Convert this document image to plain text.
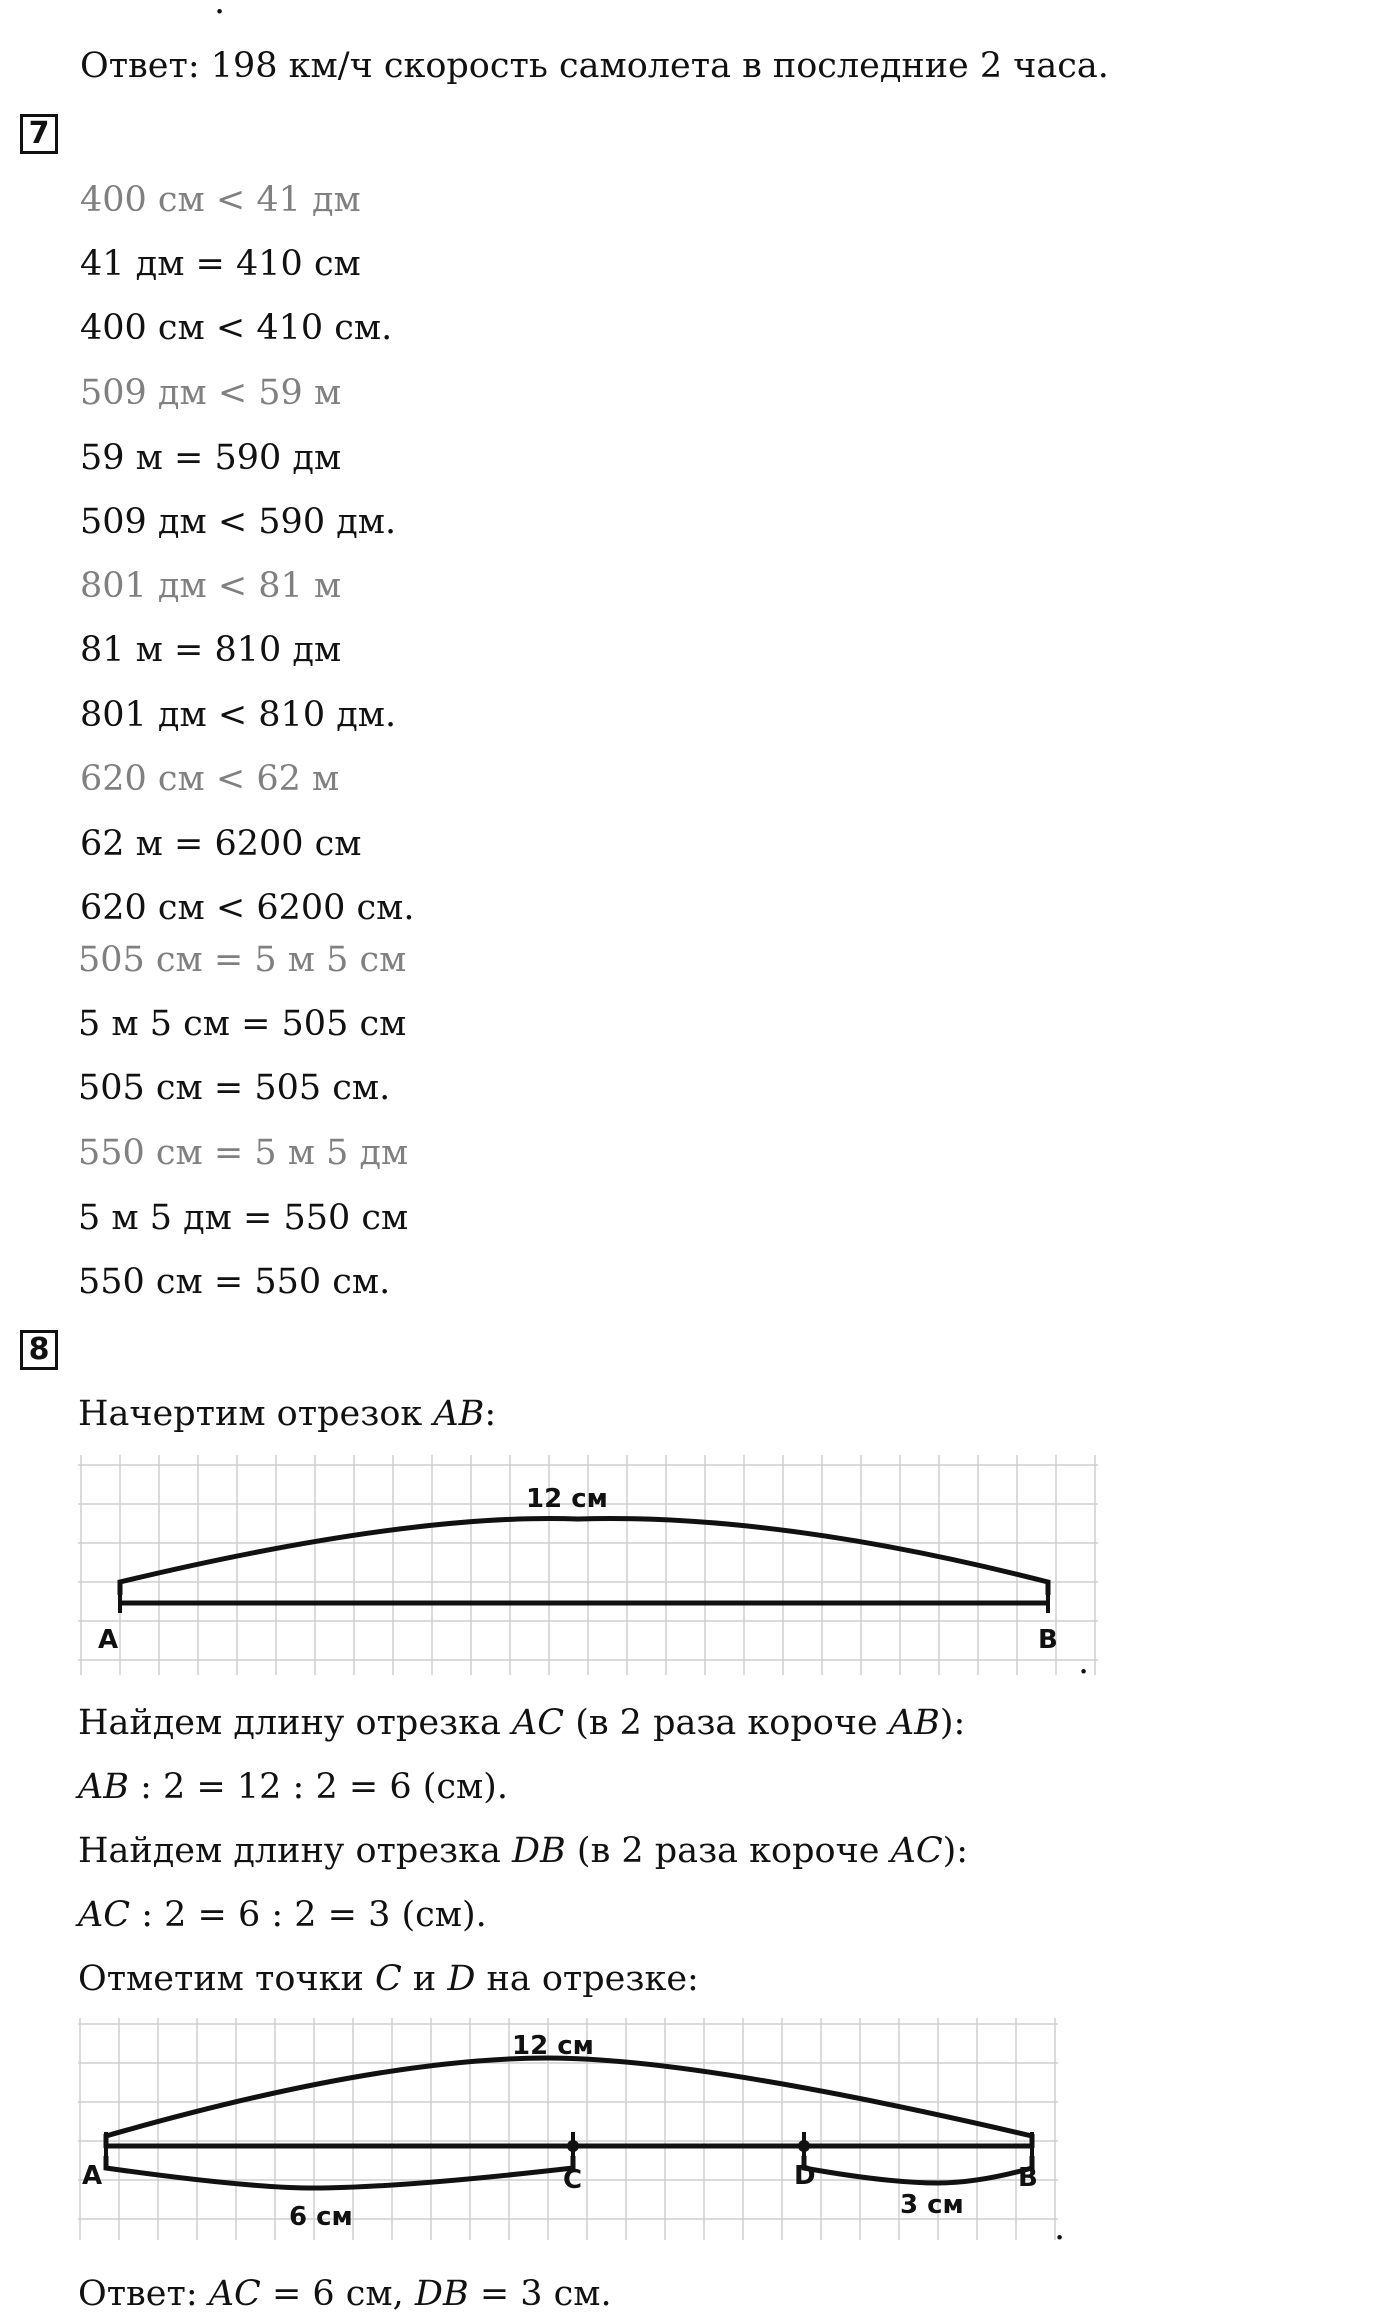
.
Ответ: 198 км/ч скорость самолета в последние 2 часа.
7
400 см < 41 дм
41 дм = 410 см
400 см < 410 см.
509 дм < 59 м
59 м = 590 дм
509 дм < 590 дм.
801 дм < 81 м
81 м = 810 дм
801 дм < 810 дм.
620 см < 62 м
62 м = 6200 см
620 см < 6200 см.
505 см = 5 м 5 см
5 м 5 см = 505 см
505 см = 505 см.
550 см = 5 м 5 дм
5 м 5 дм = 550 см
550 см = 550 см.
8
Начертим отрезок AB:
12 см
A	B
.
Найдем длину отрезка AC (в 2 раза короче AB):
AB : 2 = 12 : 2 = 6 (см).
Найдем длину отрезка DB (в 2 раза короче AC):
AC : 2 = 6 : 2 = 3 (см).
Отметим точки C и D на отрезке:
12 см
6 см	3 см
A	C	D	B
.
Ответ: AC = 6 см, DB = 3 см.
